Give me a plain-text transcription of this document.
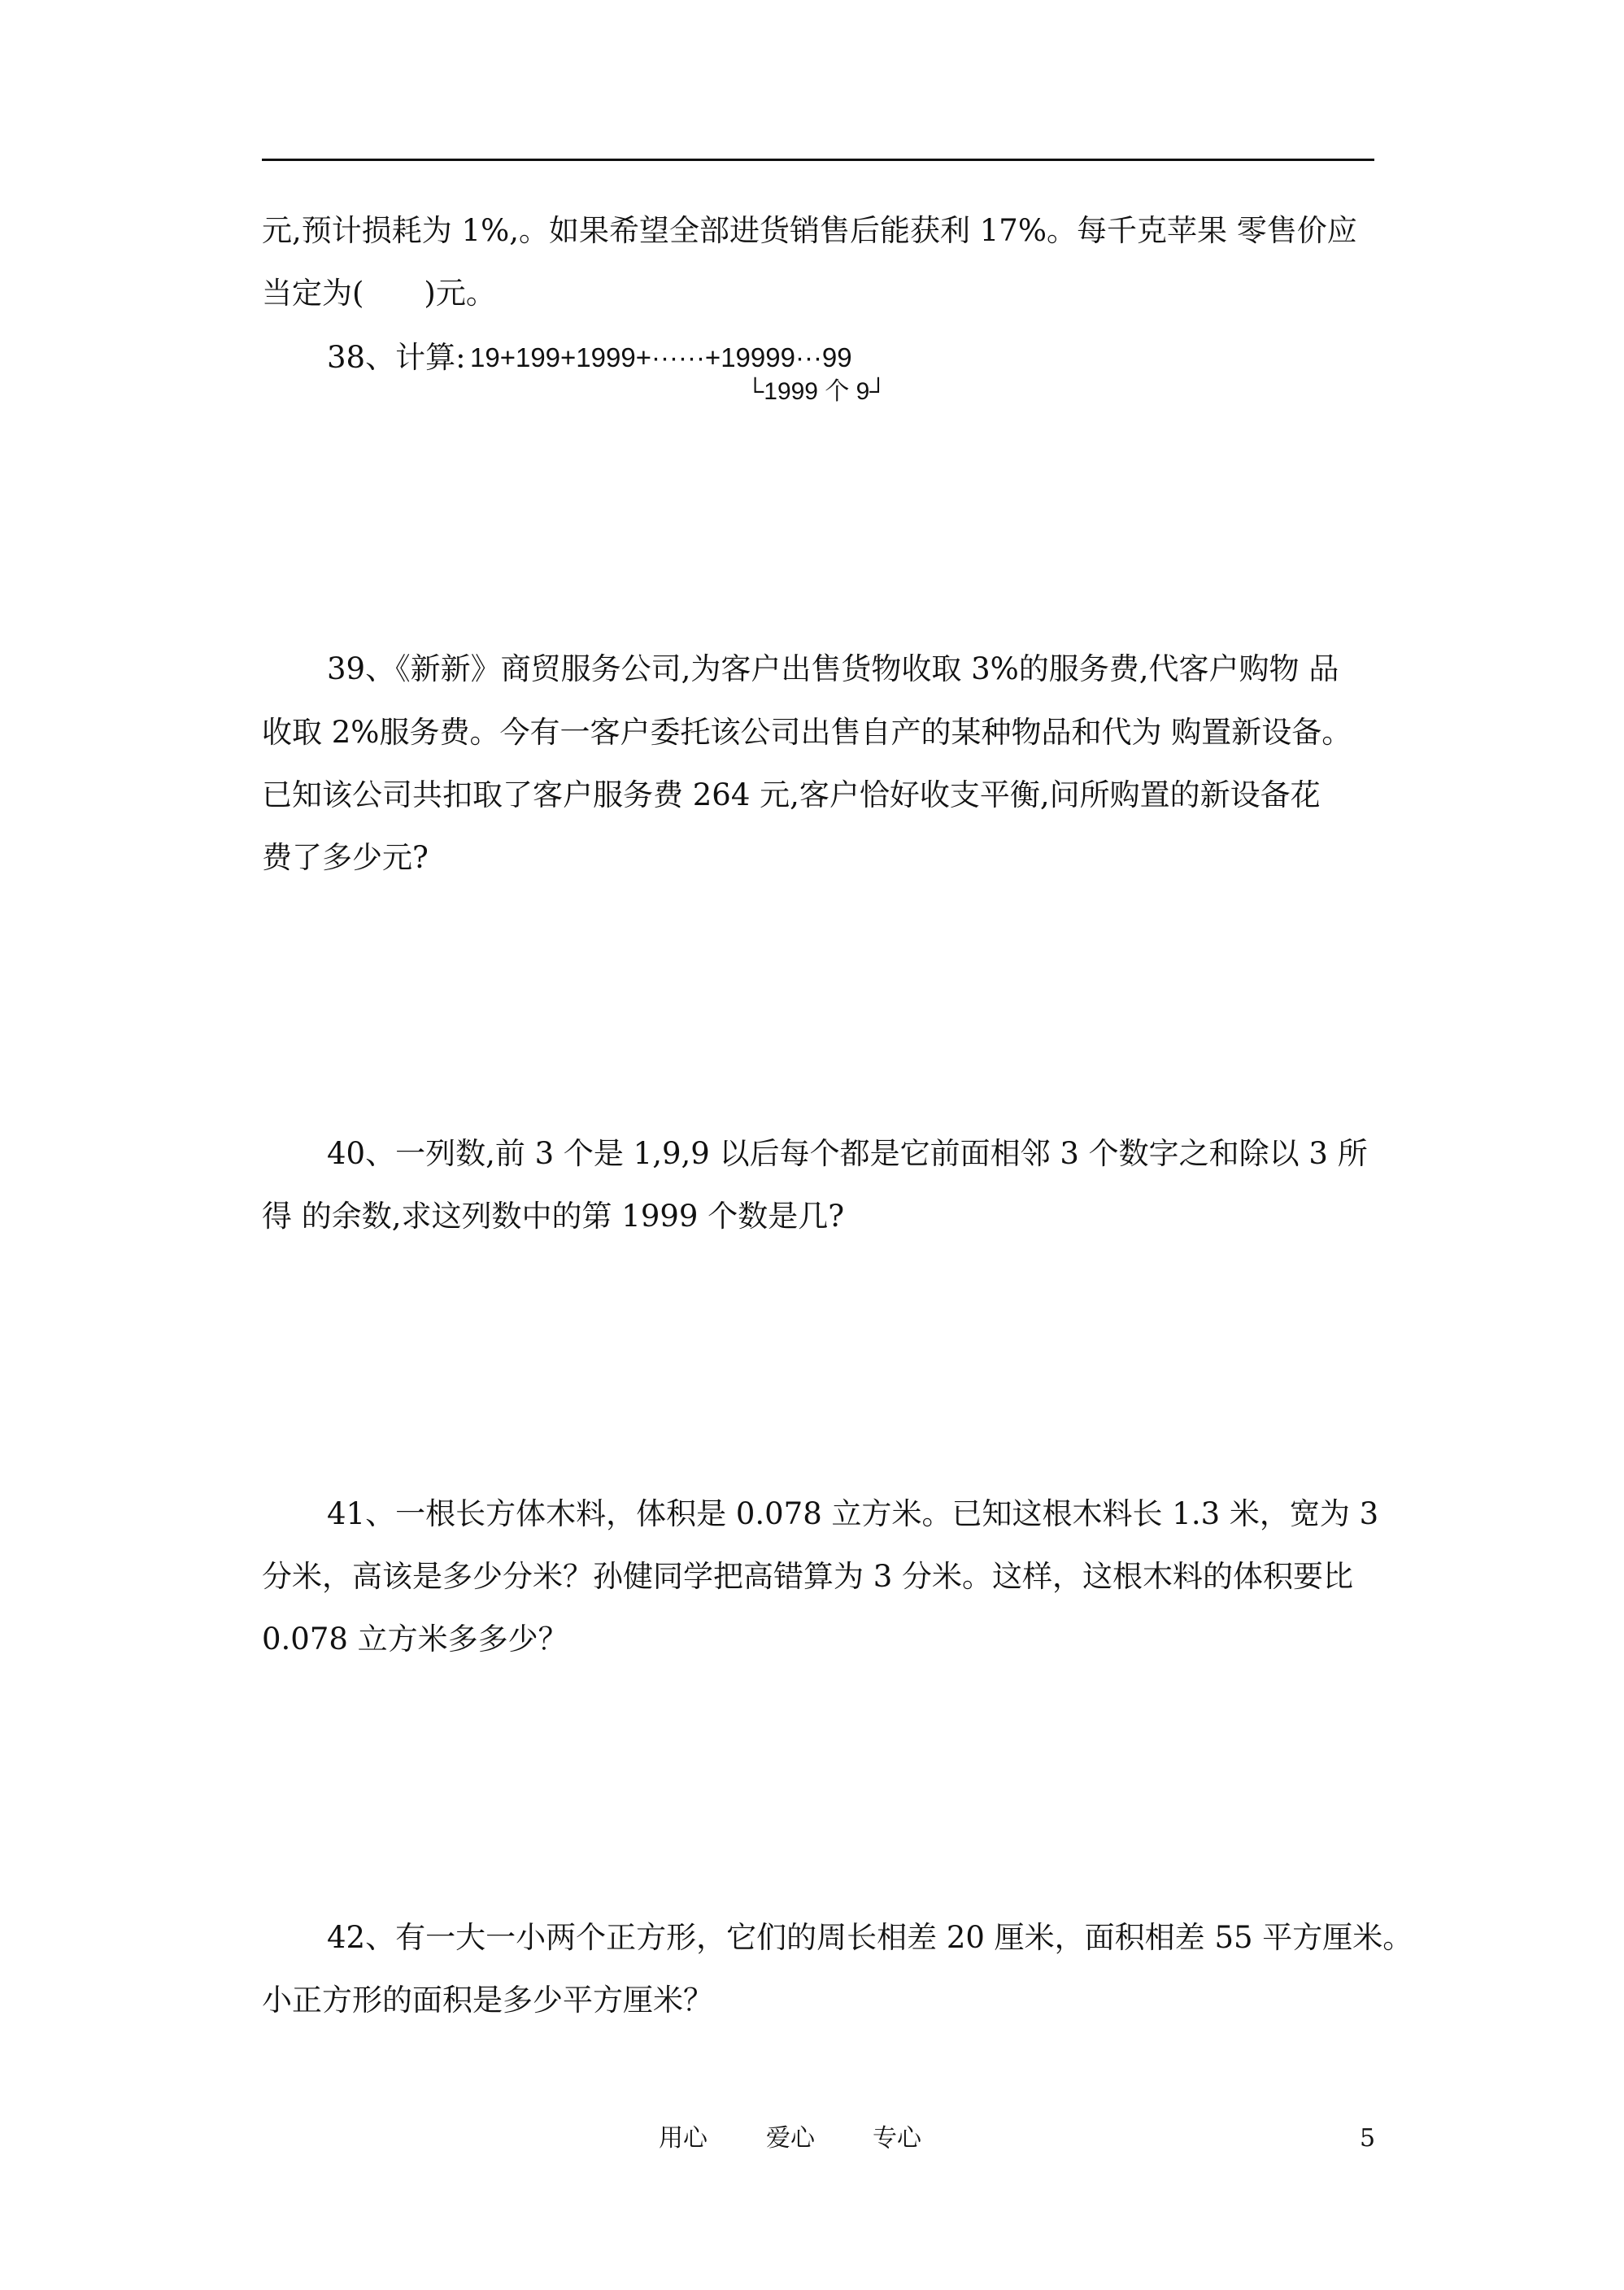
元,预计损耗为 1%,。如果希望全部进货销售后能获利 17%。每千克苹果 零售价应
当定为(　　)元。
38、计算: 19+199+1999+······+19999···99
└1999 个 9┘
39、《新新》商贸服务公司,为客户出售货物收取 3%的服务费,代客户购物 品
收取 2%服务费。今有一客户委托该公司出售自产的某种物品和代为 购置新设备。
已知该公司共扣取了客户服务费 264 元,客户恰好收支平衡,问所购置的新设备花
费了多少元?
40、一列数,前 3 个是 1,9,9 以后每个都是它前面相邻 3 个数字之和除以 3 所
得 的余数,求这列数中的第 1999 个数是几?
41、一根长方体木料，体积是 0.078 立方米。已知这根木料长 1.3 米，宽为 3
分米，高该是多少分米？孙健同学把高错算为 3 分米。这样，这根木料的体积要比
0.078 立方米多多少？
42、有一大一小两个正方形，它们的周长相差 20 厘米，面积相差 55 平方厘米。
小正方形的面积是多少平方厘米？
用心 爱心 专心	5
